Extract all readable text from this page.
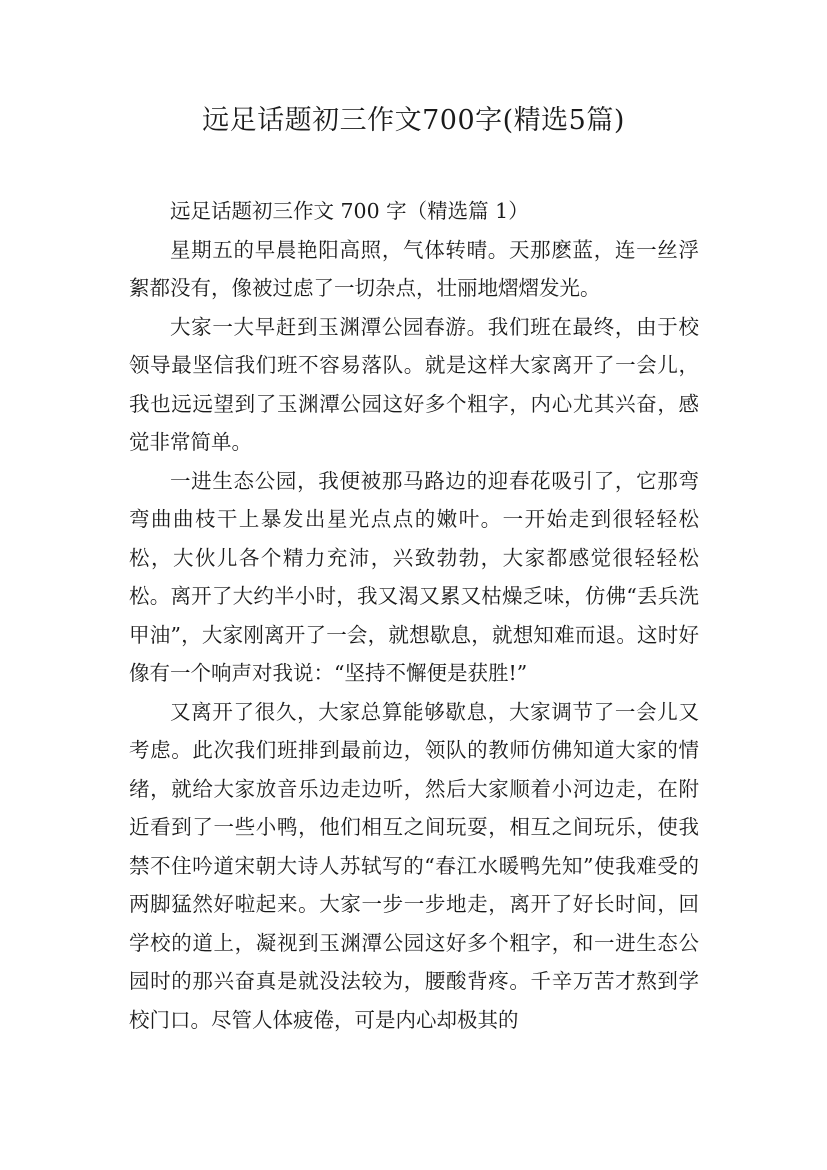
远足话题初三作文700字(精选5篇)

远足话题初三作文 700 字（精选篇 1）

星期五的早晨艳阳高照，气体转晴。天那麽蓝，连一丝浮絮都没有，像被过虑了一切杂点，壮丽地熠熠发光。

大家一大早赶到玉渊潭公园春游。我们班在最终，由于校领导最坚信我们班不容易落队。就是这样大家离开了一会儿，我也远远望到了玉渊潭公园这好多个粗字，内心尤其兴奋，感觉非常简单。

一进生态公园，我便被那马路边的迎春花吸引了，它那弯弯曲曲枝干上暴发出星光点点的嫩叶。一开始走到很轻轻松松，大伙儿各个精力充沛，兴致勃勃，大家都感觉很轻轻松松。离开了大约半小时，我又渴又累又枯燥乏味，仿佛“丢兵洗甲油”，大家刚离开了一会，就想歇息，就想知难而退。这时好像有一个响声对我说：“坚持不懈便是获胜!”

又离开了很久，大家总算能够歇息，大家调节了一会儿又考虑。此次我们班排到最前边，领队的教师仿佛知道大家的情绪，就给大家放音乐边走边听，然后大家顺着小河边走，在附近看到了一些小鸭，他们相互之间玩耍，相互之间玩乐，使我禁不住吟道宋朝大诗人苏轼写的“春江水暖鸭先知”使我难受的两脚猛然好啦起来。大家一步一步地走，离开了好长时间，回学校的道上，凝视到玉渊潭公园这好多个粗字，和一进生态公园时的那兴奋真是就没法较为，腰酸背疼。千辛万苦才熬到学校门口。尽管人体疲倦，可是内心却极其的
